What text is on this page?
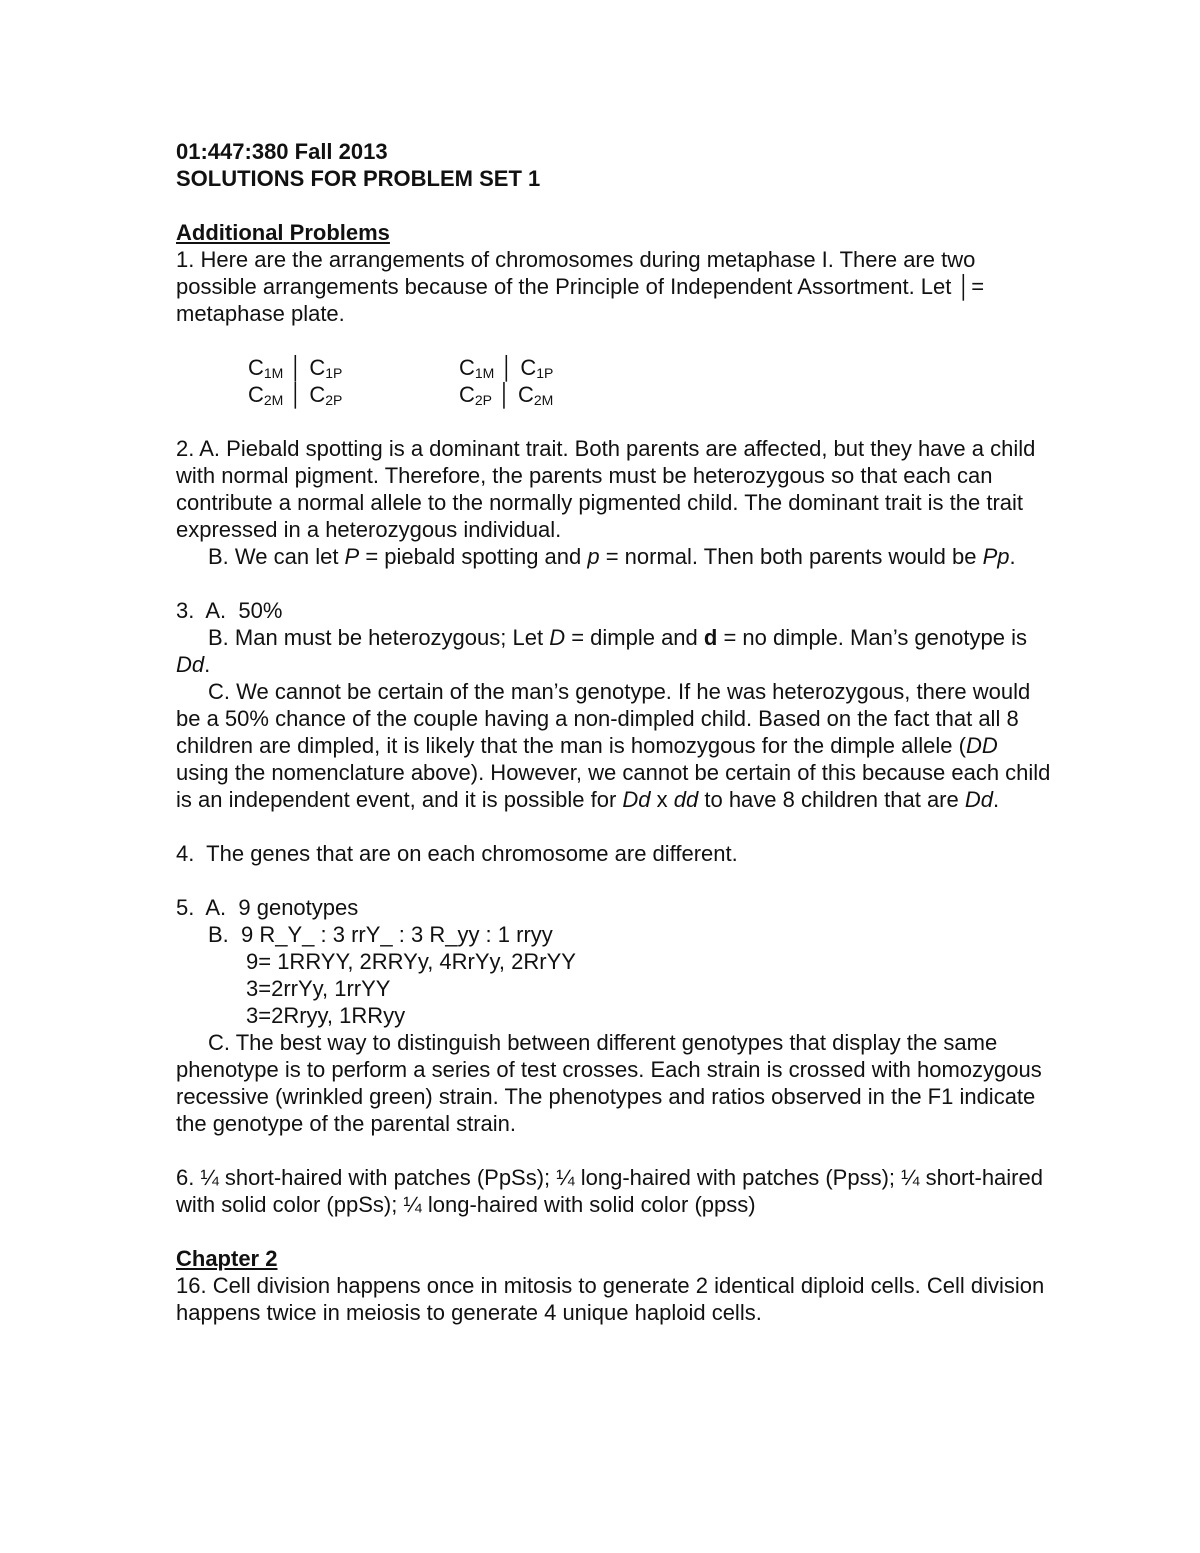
01:447:380 Fall 2013
SOLUTIONS FOR PROBLEM SET 1
Additional Problems
1. Here are the arrangements of chromosomes during metaphase I. There are two possible arrangements because of the Principle of Independent Assortment. Let │= metaphase plate.
$C_{1M}$ │ $C_{1P}$
$C_{2M}$ │ $C_{2P}$
$C_{1M}$ │ $C_{1P}$
$C_{2P}$ │ $C_{2M}$
2. A. Piebald spotting is a dominant trait. Both parents are affected, but they have a child with normal pigment. Therefore, the parents must be heterozygous so that each can contribute a normal allele to the normally pigmented child. The dominant trait is the trait expressed in a heterozygous individual.
B. We can let P = piebald spotting and p = normal. Then both parents would be Pp.
3.  A.  50%
B. Man must be heterozygous; Let D = dimple and d = no dimple. Man’s genotype is Dd.
C. We cannot be certain of the man’s genotype. If he was heterozygous, there would be a 50% chance of the couple having a non-dimpled child. Based on the fact that all 8 children are dimpled, it is likely that the man is homozygous for the dimple allele (DD using the nomenclature above). However, we cannot be certain of this because each child is an independent event, and it is possible for Dd x dd to have 8 children that are Dd.
4.  The genes that are on each chromosome are different.
5.  A.  9 genotypes
B.  9 R_Y_ : 3 rrY_ : 3 R_yy : 1 rryy
9= 1RRYY, 2RRYy, 4RrYy, 2RrYY
3=2rrYy, 1rrYY
3=2Rryy, 1RRyy
C. The best way to distinguish between different genotypes that display the same phenotype is to perform a series of test crosses. Each strain is crossed with homozygous recessive (wrinkled green) strain. The phenotypes and ratios observed in the F1 indicate the genotype of the parental strain.
6. ¼ short-haired with patches (PpSs); ¼ long-haired with patches (Ppss); ¼ short-haired with solid color (ppSs); ¼ long-haired with solid color (ppss)
Chapter 2
16. Cell division happens once in mitosis to generate 2 identical diploid cells. Cell division happens twice in meiosis to generate 4 unique haploid cells.
